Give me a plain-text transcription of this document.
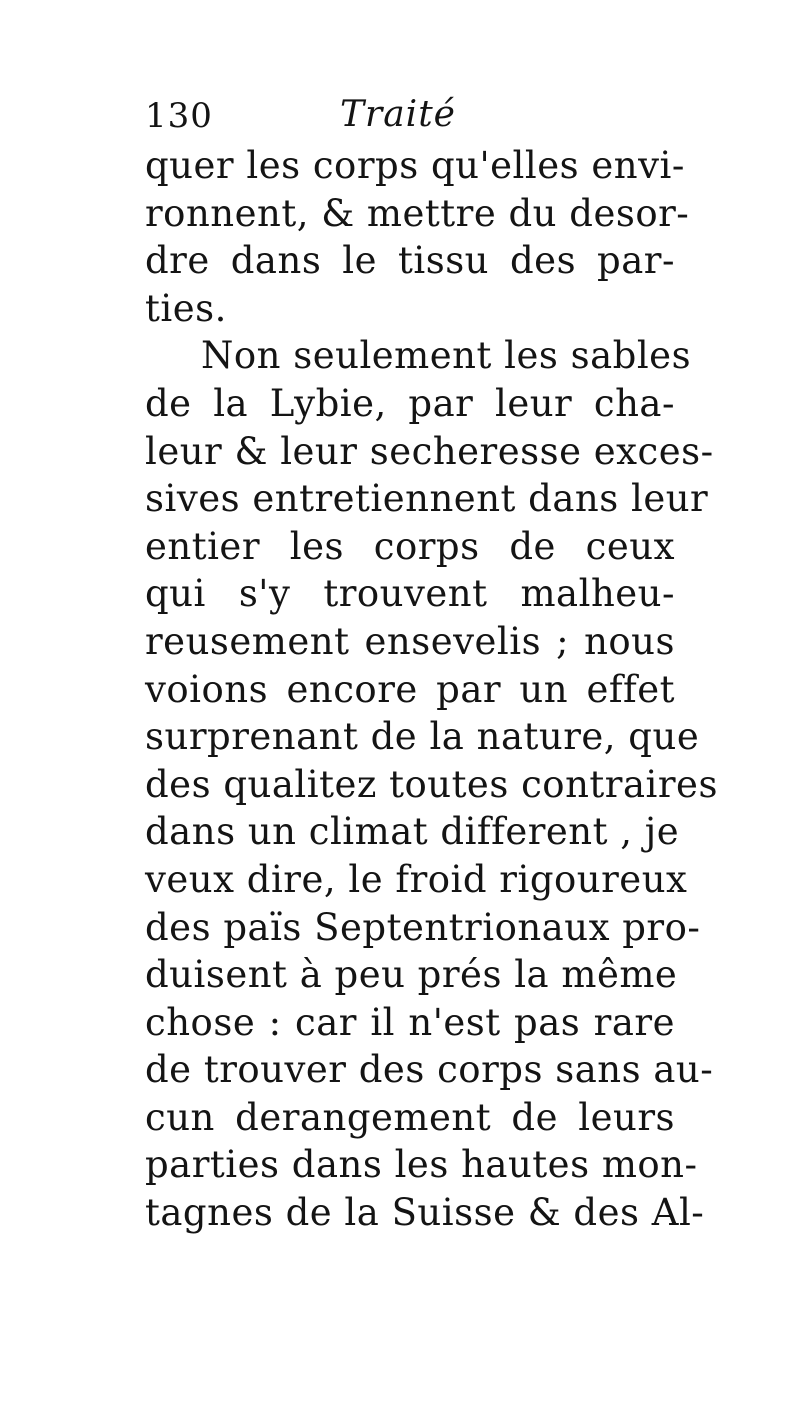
130	Traité
quer les corps qu'elles envi-
ronnent, & mettre du desor-
dre dans le tissu des par-
ties.
Non seulement les sables
de la Lybie, par leur cha-
leur & leur secheresse exces-
sives entretiennent dans leur
entier les corps de ceux
qui s'y trouvent malheu-
reusement ensevelis ; nous
voions encore par un effet
surprenant de la nature, que
des qualitez toutes contraires
dans un climat different , je
veux dire, le froid rigoureux
des païs Septentrionaux pro-
duisent à peu prés la même
chose : car il n'est pas rare
de trouver des corps sans au-
cun derangement de leurs
parties dans les hautes mon-
tagnes de la Suisse & des Al-
